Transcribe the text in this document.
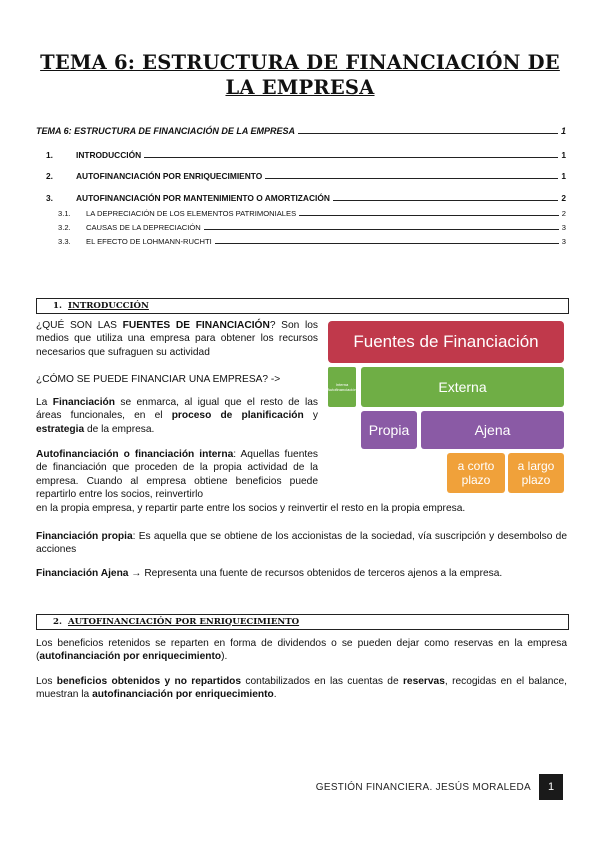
TEMA 6: ESTRUCTURA DE FINANCIACIÓN DE LA EMPRESA
TEMA 6: ESTRUCTURA DE FINANCIACIÓN DE LA EMPRESA	1
1.	INTRODUCCIÓN	1
2.	AUTOFINANCIACIÓN POR ENRIQUECIMIENTO	1
3.	AUTOFINANCIACIÓN POR MANTENIMIENTO O AMORTIZACIÓN	2
3.1.	LA DEPRECIACIÓN DE LOS ELEMENTOS PATRIMONIALES	2
3.2.	CAUSAS DE LA DEPRECIACIÓN	3
3.3.	EL EFECTO DE LOHMANN-RUCHTI	3
1. INTRODUCCIÓN

¿QUÉ SON LAS FUENTES DE FINANCIACIÓN? Son los medios que utiliza una empresa para obtener los recursos necesarios que sufraguen su actividad

¿CÓMO SE PUEDE FINANCIAR UNA EMPRESA? ->

La Financiación se enmarca, al igual que el resto de las áreas funcionales, en el proceso de planificación y estrategia de la empresa.

Autofinanciación o financiación interna: Aquellas fuentes de financiación que proceden de la propia actividad de la empresa. Cuando al empresa obtiene beneficios puede repartirlo entre los socios, reinvertirlo

en la propia empresa, y repartir parte entre los socios y reinvertir el resto en la propia empresa.

Financiación propia: Es aquella que se obtiene de los accionistas de la sociedad, vía suscripción y desembolso de acciones

Financiación Ajena → Representa una fuente de recursos obtenidos de terceros ajenos a la empresa.

Fuentes de Financiación
Interna Autofinanciación	Externa
Propia	Ajena
a corto plazo
a largo plazo
2. AUTOFINANCIACIÓN POR ENRIQUECIMIENTO

Los beneficios retenidos se reparten en forma de dividendos o se pueden dejar como reservas en la empresa (autofinanciación por enriquecimiento).

Los beneficios obtenidos y no repartidos contabilizados en las cuentas de reservas, recogidas en el balance, muestran la autofinanciación por enriquecimiento.

GESTIÓN FINANCIERA. JESÚS MORALEDA	1
